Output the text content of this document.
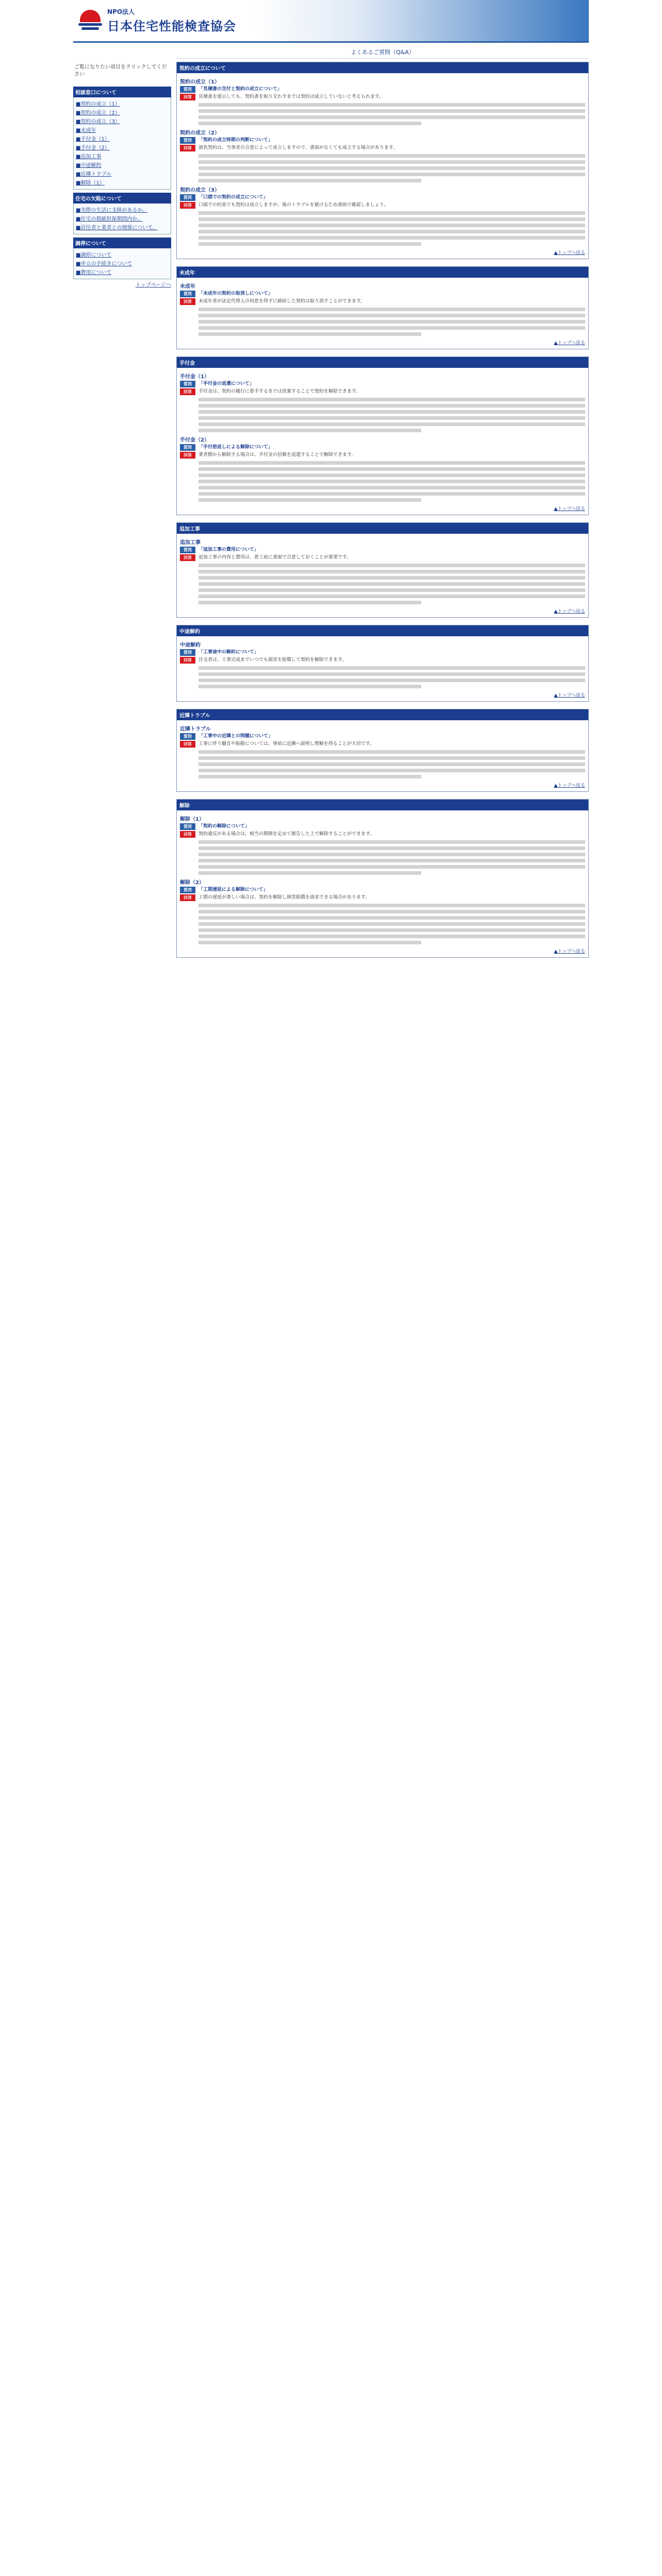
NPO法人
日本住宅性能検査協会
よくあるご質問（Q&A）
ご覧になりたい項目をクリックしてください
相談窓口について
■契約の成立（1）
■契約の成立（2）
■契約の成立（3）
■未成年
■手付金（1）
■手付金（2）
■追加工事
■中途解約
■近隣トラブル
■解除（1）
住宅の欠陥について
■実際の生活に支障があるか。
■住宅の瑕疵担保期間内か。
■居住者と業者との関係について。
調停について
■調停について
■申立の手続きについて
■費用について
トップページへ
契約の成立について
契約の成立（1）
質問	「見積書の交付と契約の成立について」
回答	見積書を提示しても、契約書を取り交わすまでは契約は成立していないと考えられます。
契約の成立（2）
質問	「契約の成立時期の判断について」
回答	請負契約は、当事者の合意によって成立しますので、書面がなくても成立する場合があります。
契約の成立（3）
質問	「口頭での契約の成立について」
回答	口頭での約束でも契約は成立しますが、後のトラブルを避けるため書面で確認しましょう。
▲トップへ戻る
未成年
未成年
質問	「未成年の契約の取消しについて」
回答	未成年者が法定代理人の同意を得ずに締結した契約は取り消すことができます。
▲トップへ戻る
手付金
手付金（1）
質問	「手付金の返還について」
回答	手付金は、契約の履行に着手するまでは放棄することで契約を解除できます。
手付金（2）
質問	「手付倍返しによる解除について」
回答	業者側から解除する場合は、手付金の倍額を返還することで解除できます。
▲トップへ戻る
追加工事
追加工事
質問	「追加工事の費用について」
回答	追加工事の内容と費用は、着工前に書面で合意しておくことが重要です。
▲トップへ戻る
中途解約
中途解約
質問	「工事途中の解約について」
回答	注文者は、工事完成までいつでも損害を賠償して契約を解除できます。
▲トップへ戻る
近隣トラブル
近隣トラブル
質問	「工事中の近隣との問題について」
回答	工事に伴う騒音や振動については、事前に近隣へ説明し理解を得ることが大切です。
▲トップへ戻る
解除
解除（1）
質問	「契約の解除について」
回答	契約違反がある場合は、相当の期間を定めて催告した上で解除することができます。
解除（2）
質問	「工期遅延による解除について」
回答	工期の遅延が著しい場合は、契約を解除し損害賠償を請求できる場合があります。
▲トップへ戻る
